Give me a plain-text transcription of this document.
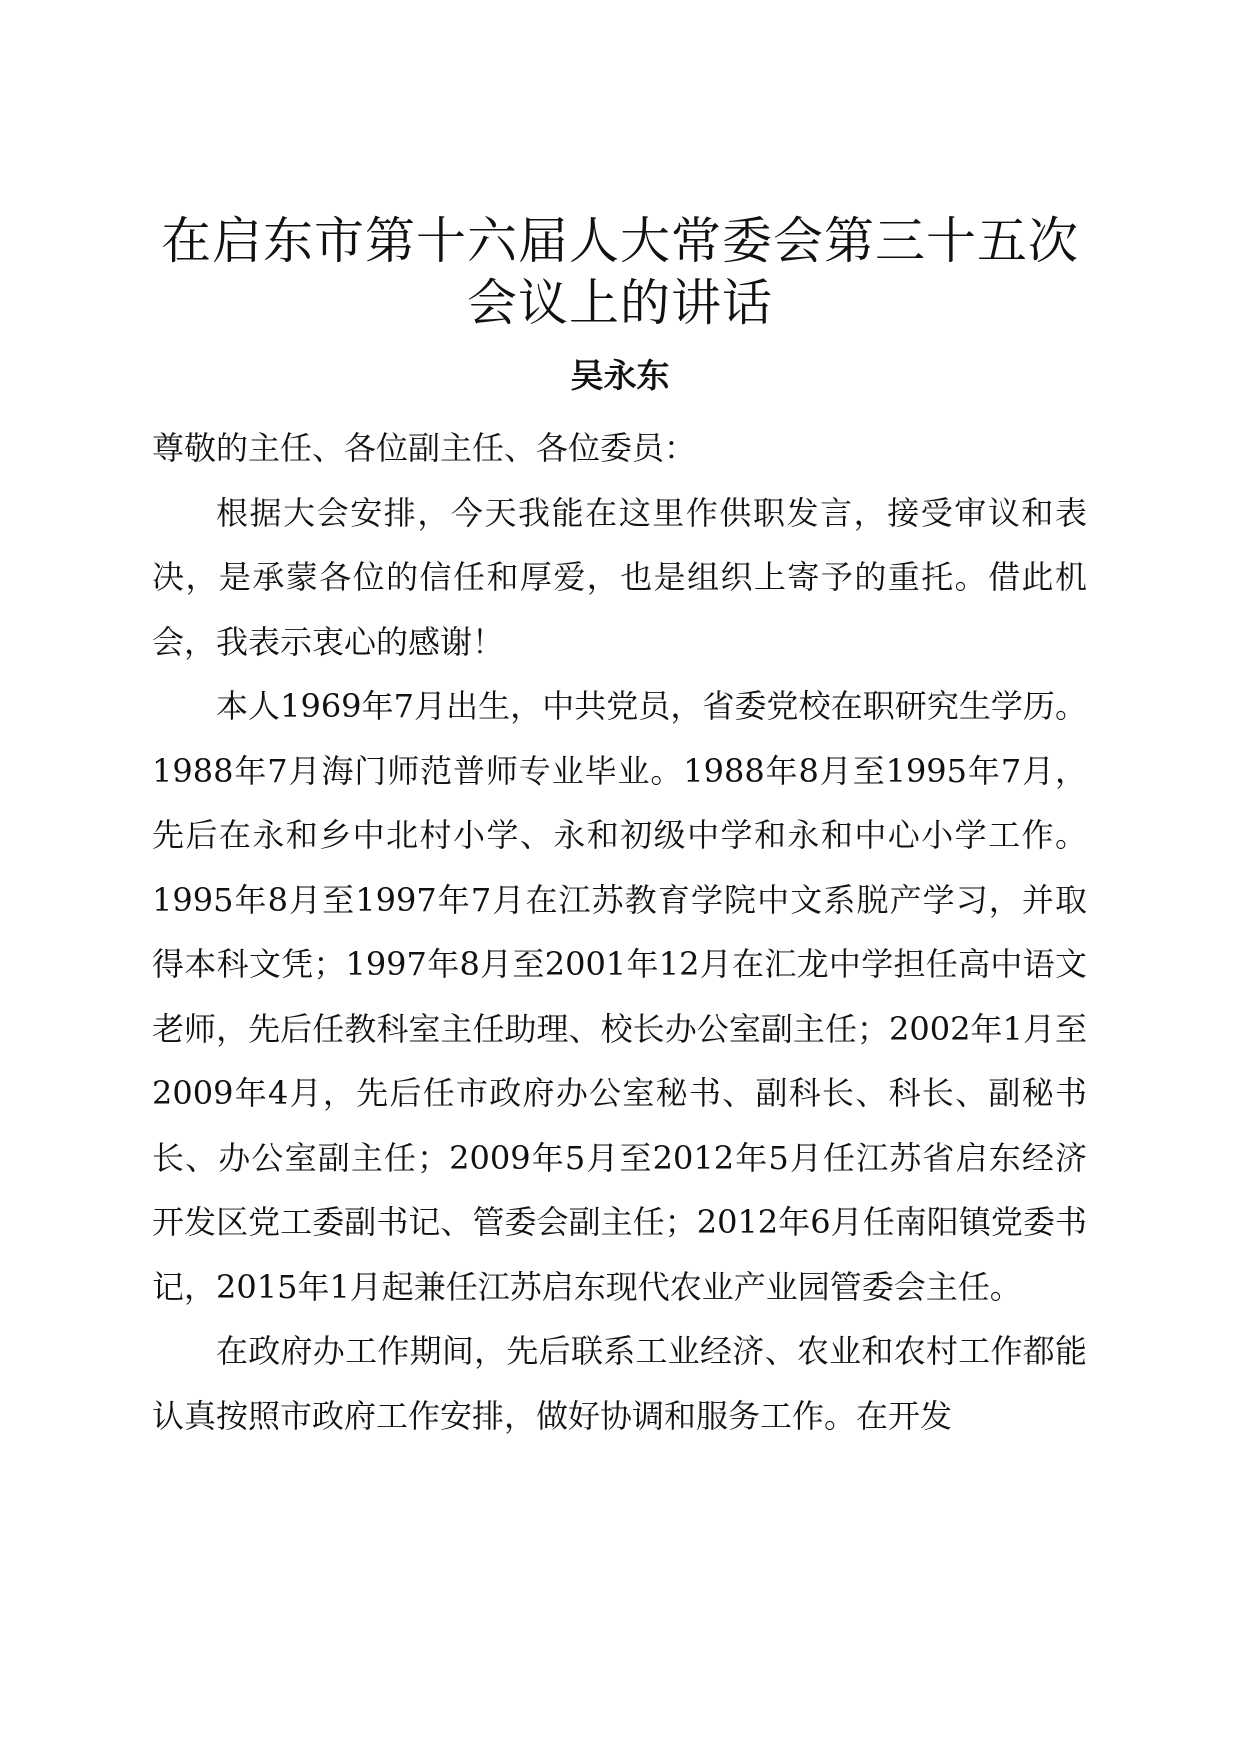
在启东市第十六届人大常委会第三十五次会议上的讲话
吴永东

尊敬的主任、各位副主任、各位委员：

根据大会安排，今天我能在这里作供职发言，接受审议和表决，是承蒙各位的信任和厚爱，也是组织上寄予的重托。借此机会，我表示衷心的感谢！

本人1969年7月出生，中共党员，省委党校在职研究生学历。1988年7月海门师范普师专业毕业。1988年8月至1995年7月，先后在永和乡中北村小学、永和初级中学和永和中心小学工作。1995年8月至1997年7月在江苏教育学院中文系脱产学习，并取得本科文凭；1997年8月至2001年12月在汇龙中学担任高中语文老师，先后任教科室主任助理、校长办公室副主任；2002年1月至2009年4月，先后任市政府办公室秘书、副科长、科长、副秘书长、办公室副主任；2009年5月至2012年5月任江苏省启东经济开发区党工委副书记、管委会副主任；2012年6月任南阳镇党委书记，2015年1月起兼任江苏启东现代农业产业园管委会主任。

在政府办工作期间，先后联系工业经济、农业和农村工作都能认真按照市政府工作安排，做好协调和服务工作。在开发
